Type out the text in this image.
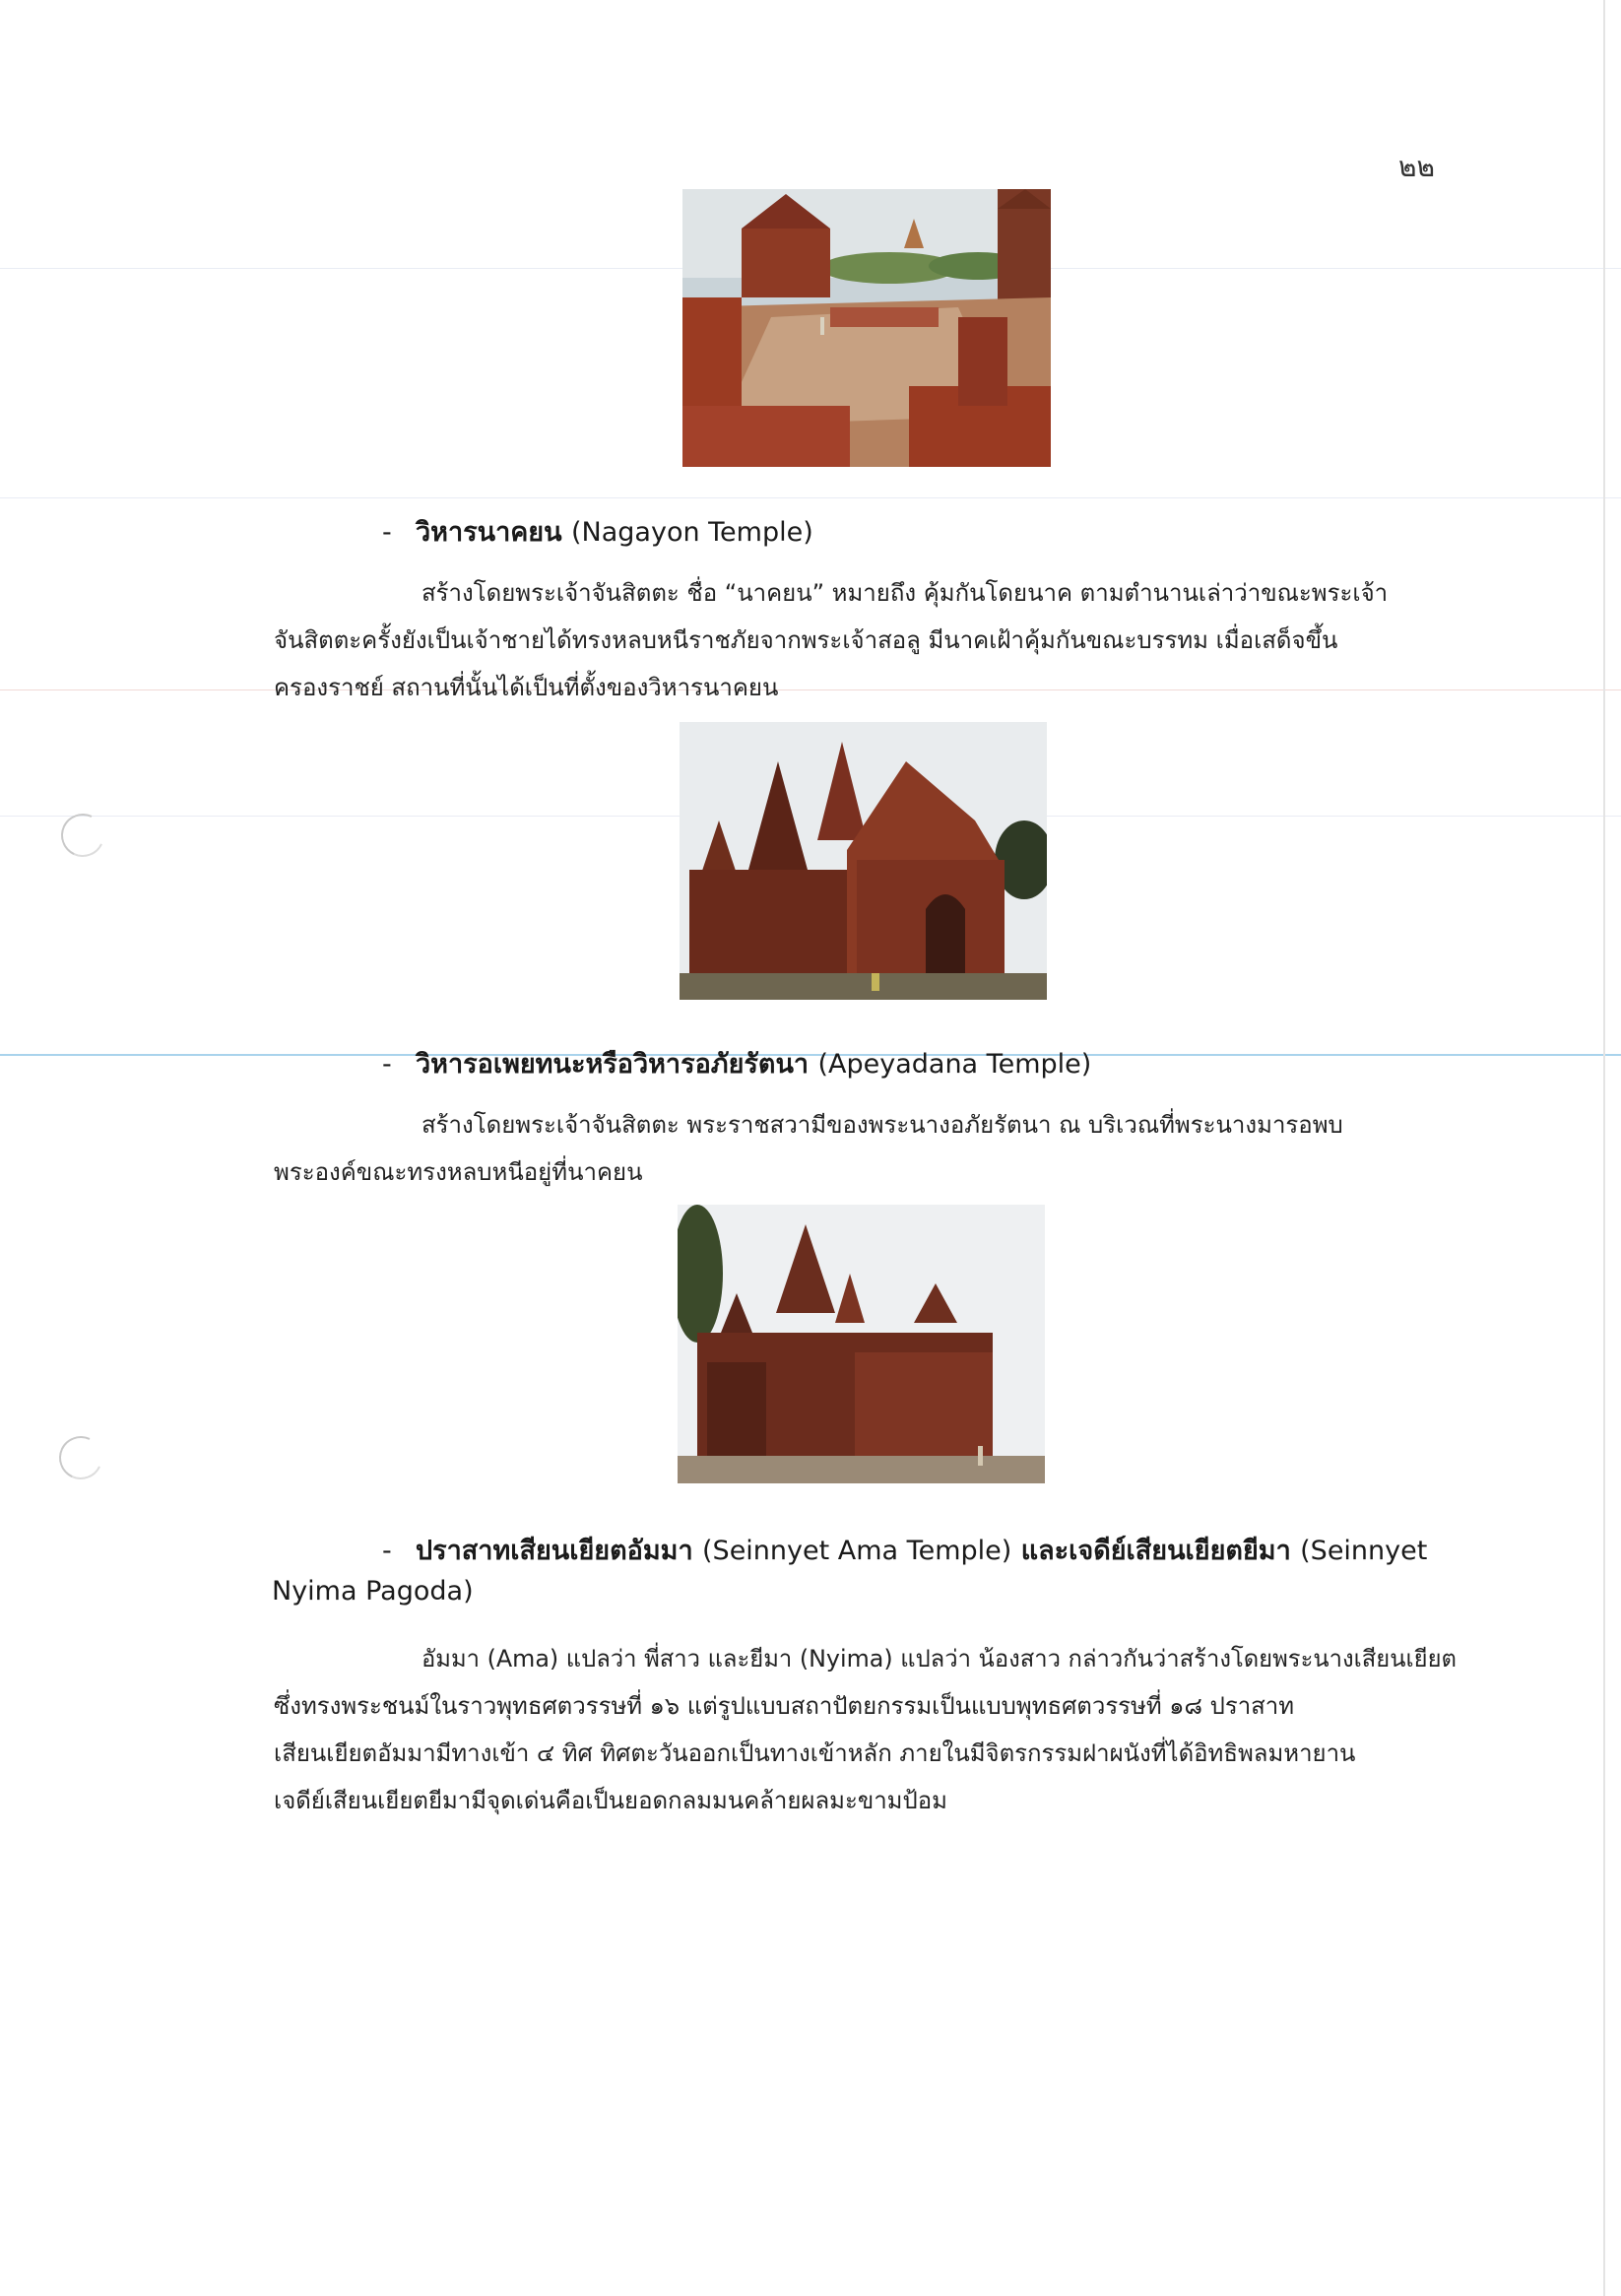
๒๒
- วิหารนาคยน (Nagayon Temple)
สร้างโดยพระเจ้าจันสิตตะ ชื่อ “นาคยน” หมายถึง คุ้มกันโดยนาค ตามตำนานเล่าว่าขณะพระเจ้า
จันสิตตะครั้งยังเป็นเจ้าชายได้ทรงหลบหนีราชภัยจากพระเจ้าสอลู มีนาคเฝ้าคุ้มกันขณะบรรทม เมื่อเสด็จขึ้น
ครองราชย์ สถานที่นั้นได้เป็นที่ตั้งของวิหารนาคยน
- วิหารอเพยทนะหรือวิหารอภัยรัตนา (Apeyadana Temple)
สร้างโดยพระเจ้าจันสิตตะ พระราชสวามีของพระนางอภัยรัตนา ณ บริเวณที่พระนางมารอพบ
พระองค์ขณะทรงหลบหนีอยู่ที่นาคยน
- ปราสาทเสียนเยียตอัมมา (Seinnyet Ama Temple) และเจดีย์เสียนเยียตยีมา (Seinnyet
Nyima Pagoda)
อัมมา (Ama) แปลว่า พี่สาว และยีมา (Nyima) แปลว่า น้องสาว กล่าวกันว่าสร้างโดยพระนางเสียนเยียต
ซึ่งทรงพระชนม์ในราวพุทธศตวรรษที่ ๑๖ แต่รูปแบบสถาปัตยกรรมเป็นแบบพุทธศตวรรษที่ ๑๘ ปราสาท
เสียนเยียตอัมมามีทางเข้า ๔ ทิศ ทิศตะวันออกเป็นทางเข้าหลัก ภายในมีจิตรกรรมฝาผนังที่ได้อิทธิพลมหายาน
เจดีย์เสียนเยียตยีมามีจุดเด่นคือเป็นยอดกลมมนคล้ายผลมะขามป้อม
